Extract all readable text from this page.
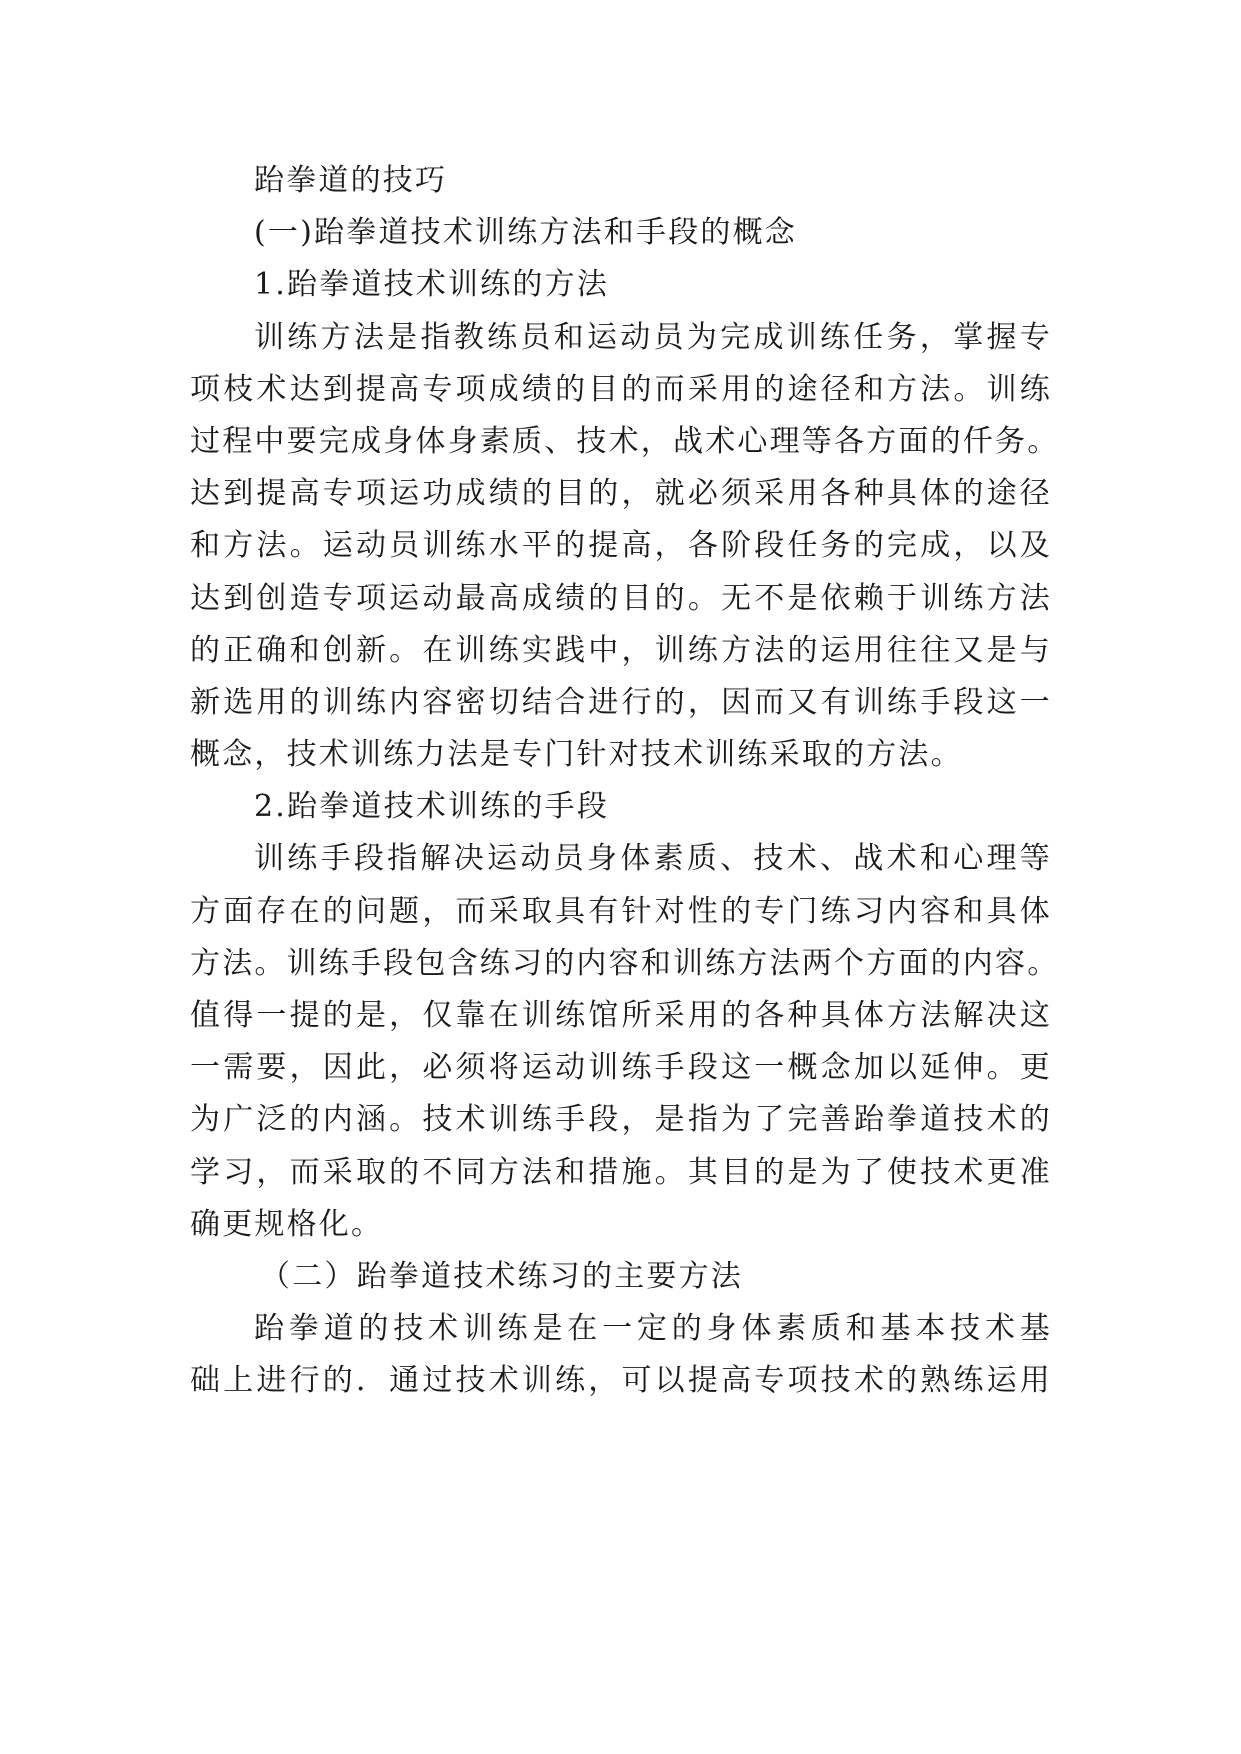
跆拳道的技巧
(一)跆拳道技术训练方法和手段的概念
1.跆拳道技术训练的方法
训练方法是指教练员和运动员为完成训练任务，掌握专
项枝术达到提高专项成绩的目的而采用的途径和方法。训练
过程中要完成身体身素质、技术，战术心理等各方面的仟务。
达到提高专项运功成绩的目的，就必须采用各种具体的途径
和方法。运动员训练水平的提高，各阶段任务的完成，以及
达到创造专项运动最高成绩的目的。无不是依赖于训练方法
的正确和创新。在训练实践中，训练方法的运用往往又是与
新选用的训练内容密切结合进行的，因而又有训练手段这一
概念，技术训练力法是专门针对技术训练采取的方法。
2.跆拳道技术训练的手段
训练手段指解决运动员身体素质、技术、战术和心理等
方面存在的问题，而采取具有针对性的专门练习内容和具体
方法。训练手段包含练习的内容和训练方法两个方面的内容。
值得一提的是，仅靠在训练馆所采用的各种具体方法解决这
一需要，因此，必须将运动训练手段这一概念加以延伸。更
为广泛的内涵。技术训练手段，是指为了完善跆拳道技术的
学习，而采取的不同方法和措施。其目的是为了使技术更准
确更规格化。
（二）跆拳道技术练习的主要方法
跆拳道的技术训练是在一定的身体素质和基本技术基
础上进行的．通过技术训练，可以提高专项技术的熟练运用
